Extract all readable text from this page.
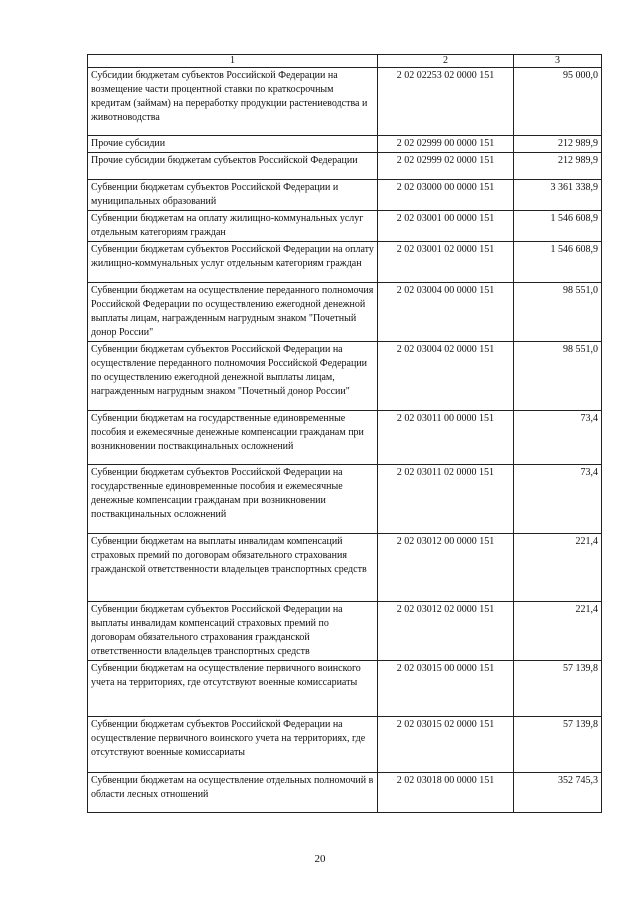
1	2	3
Субсидии бюджетам субъектов Российской Федерации на возмещение части процентной ставки по краткосрочным кредитам (займам) на переработку продукции растениеводства и животноводства	2 02 02253 02 0000 151	95 000,0
Прочие субсидии	2 02 02999 00 0000 151	212 989,9
Прочие субсидии бюджетам субъектов Российской Федерации	2 02 02999 02 0000 151	212 989,9
Субвенции бюджетам субъектов Российской Федерации и муниципальных образований	2 02 03000 00 0000 151	3 361 338,9
Субвенции бюджетам на оплату жилищно-коммунальных услуг отдельным категориям граждан	2 02 03001 00 0000 151	1 546 608,9
Субвенции бюджетам субъектов Российской Федерации на оплату жилищно-коммунальных услуг отдельным категориям граждан	2 02 03001 02 0000 151	1 546 608,9
Субвенции бюджетам на осуществление переданного полномочия Российской Федерации по осуществлению ежегодной денежной выплаты лицам, награжденным нагрудным знаком "Почетный донор России"	2 02 03004 00 0000 151	98 551,0
Субвенции бюджетам субъектов Российской Федерации на осуществление переданного полномочия Российской Федерации по осуществлению ежегодной денежной выплаты лицам, награжденным нагрудным знаком "Почетный донор России"	2 02 03004 02 0000 151	98 551,0
Субвенции бюджетам на государственные единовременные пособия и ежемесячные денежные компенсации гражданам при возникновении поствакцинальных осложнений	2 02 03011 00 0000 151	73,4
Субвенции бюджетам субъектов Российской Федерации на государственные единовременные пособия и ежемесячные денежные компенсации гражданам при возникновении поствакцинальных осложнений	2 02 03011 02 0000 151	73,4
Субвенции бюджетам на выплаты инвалидам компенсаций страховых премий по договорам обязательного страхования гражданской ответственности владельцев транспортных средств	2 02 03012 00 0000 151	221,4
Субвенции бюджетам субъектов Российской Федерации на выплаты инвалидам компенсаций страховых премий по договорам обязательного страхования гражданской ответственности владельцев транспортных средств	2 02 03012 02 0000 151	221,4
Субвенции бюджетам на осуществление первичного воинского учета на территориях, где отсутствуют военные комиссариаты	2 02 03015 00 0000 151	57 139,8
Субвенции бюджетам субъектов Российской Федерации на осуществление первичного воинского учета на территориях, где отсутствуют военные комиссариаты	2 02 03015 02 0000 151	57 139,8
Субвенции бюджетам на осуществление отдельных полномочий в области лесных отношений	2 02 03018 00 0000 151	352 745,3
20
